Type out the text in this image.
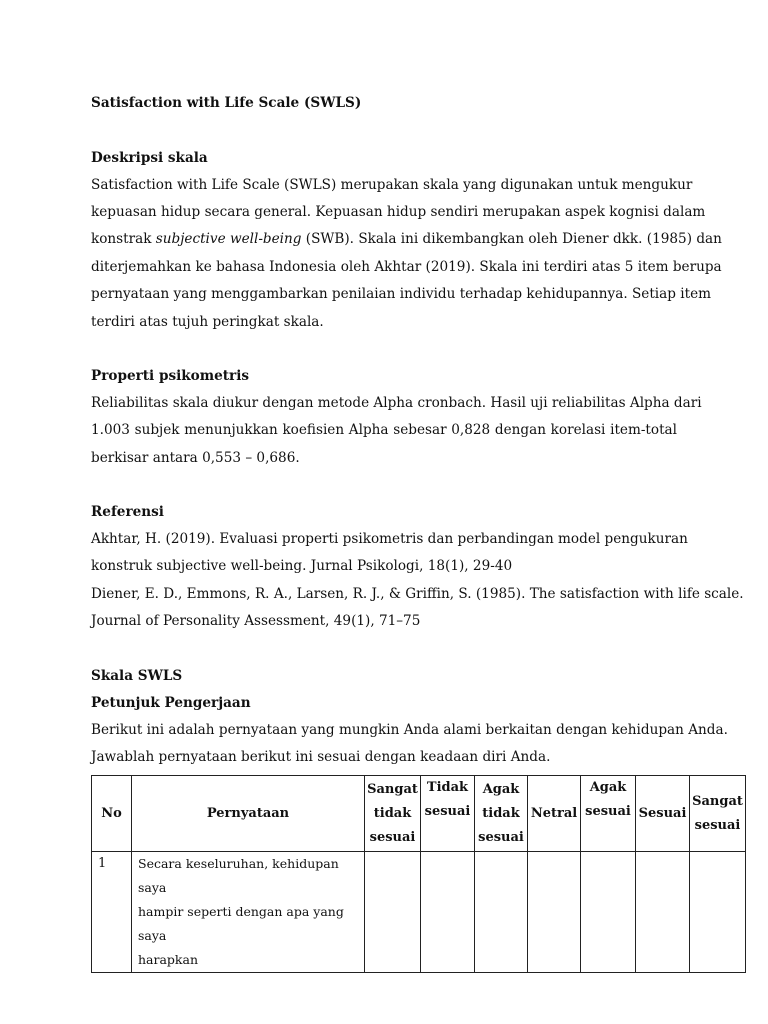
Satisfaction with Life Scale (SWLS)
Deskripsi skala
Satisfaction with Life Scale (SWLS) merupakan skala yang digunakan untuk mengukur
kepuasan hidup secara general. Kepuasan hidup sendiri merupakan aspek kognisi dalam
konstrak subjective well-being (SWB). Skala ini dikembangkan oleh Diener dkk. (1985) dan
diterjemahkan ke bahasa Indonesia oleh Akhtar (2019). Skala ini terdiri atas 5 item berupa
pernyataan yang menggambarkan penilaian individu terhadap kehidupannya. Setiap item
terdiri atas tujuh peringkat skala.
Properti psikometris
Reliabilitas skala diukur dengan metode Alpha cronbach. Hasil uji reliabilitas Alpha dari
1.003 subjek menunjukkan koefisien Alpha sebesar 0,828 dengan korelasi item-total
berkisar antara 0,553 – 0,686.
Referensi
Akhtar, H. (2019). Evaluasi properti psikometris dan perbandingan model pengukuran
konstruk subjective well-being. Jurnal Psikologi, 18(1), 29-40
Diener, E. D., Emmons, R. A., Larsen, R. J., & Griffin, S. (1985). The satisfaction with life scale.
Journal of Personality Assessment, 49(1), 71–75
Skala SWLS
Petunjuk Pengerjaan
Berikut ini adalah pernyataan yang mungkin Anda alami berkaitan dengan kehidupan Anda.
Jawablah pernyataan berikut ini sesuai dengan keadaan diri Anda.
No	Pernyataan	Sangat
tidak
sesuai	Tidak
sesuai	Agak
tidak
sesuai	Netral	Agak
sesuai	Sesuai	Sangat
sesuai

1	Secara keseluruhan, kehidupan saya
hampir seperti dengan apa yang saya
harapkan							
